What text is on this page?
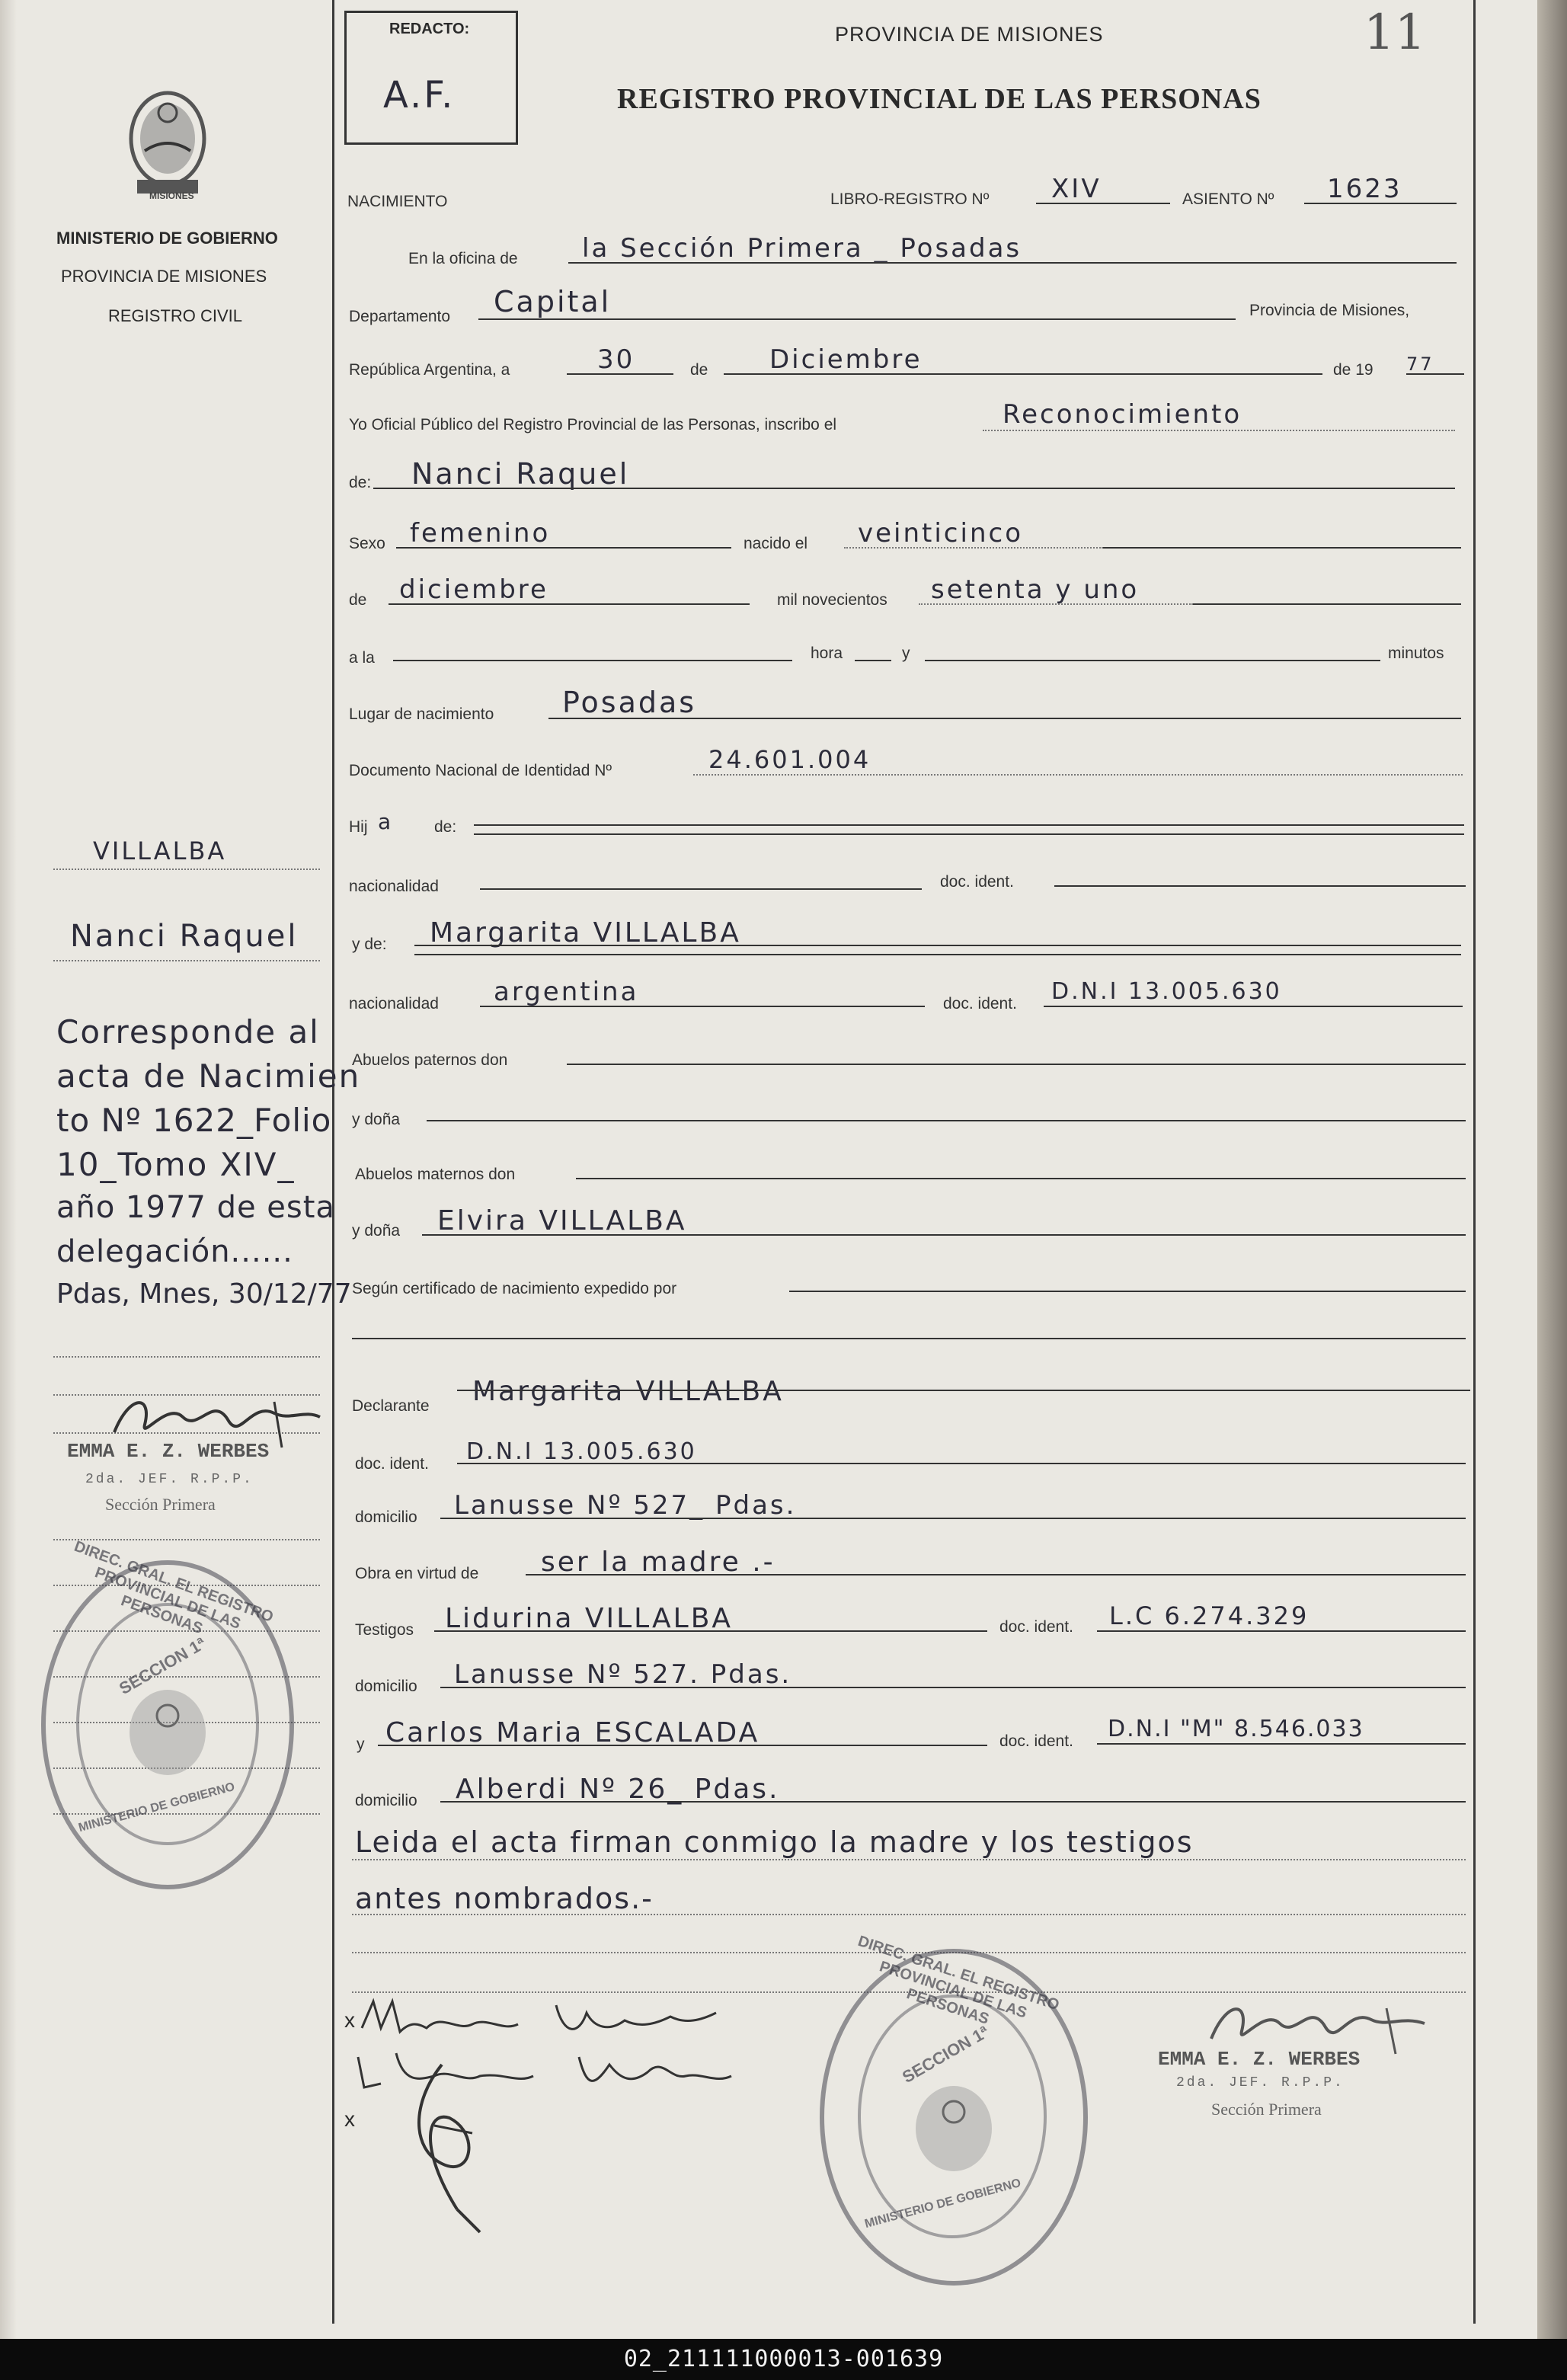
11
REDACTO:
A.F.
PROVINCIA DE MISIONES
REGISTRO PROVINCIAL DE LAS PERSONAS
MISIONES
MINISTERIO DE GOBIERNO
PROVINCIA DE MISIONES
REGISTRO CIVIL
VILLALBA
Nanci Raquel
Corresponde al
acta de Nacimien
to Nº 1622_Folio
10_Tomo XIV_
año 1977 de esta
delegación......
Pdas, Mnes, 30/12/77
EMMA E. Z. WERBES
2da. JEF. R.P.P.
Sección Primera
DIREC. GRAL. EL REGISTRO PROVINCIAL DE LAS PERSONAS
SECCION 1ª
MINISTERIO DE GOBIERNO
NACIMIENTO	LIBRO-REGISTRO Nº XIV	ASIENTO Nº 1623
En la oficina de la Sección Primera _ Posadas
Departamento Capital	Provincia de Misiones,
República Argentina, a	30	de Diciembre	de 19 77
Yo Oficial Público del Registro Provincial de las Personas, inscribo el	Reconocimiento
de: Nanci Raquel
Sexo femenino	nacido el veinticinco
de diciembre	mil novecientos setenta y uno
a la	hora	y	minutos
Lugar de nacimiento Posadas
Documento Nacional de Identidad Nº	24.601.004
Hij a	de:
nacionalidad	doc. ident.
y de: Margarita VILLALBA
nacionalidad argentina	doc. ident. D.N.I 13.005.630
Abuelos paternos don
y doña
Abuelos maternos don
y doña Elvira VILLALBA
Según certificado de nacimiento expedido por
Declarante Margarita VILLALBA
doc. ident. D.N.I 13.005.630
domicilio Lanusse Nº 527_ Pdas.
Obra en virtud de ser la madre .-
Testigos Lidurina VILLALBA	doc. ident. L.C 6.274.329
domicilio Lanusse Nº 527. Pdas.
y Carlos Maria ESCALADA	doc. ident. D.N.I "M" 8.546.033
domicilio Alberdi Nº 26_ Pdas.
Leida el acta firman conmigo la madre y los testigos
antes nombrados.-
x
x
DIREC. GRAL. EL REGISTRO PROVINCIAL DE LAS PERSONAS
SECCION 1ª
MINISTERIO DE GOBIERNO
EMMA E. Z. WERBES
2da. JEF. R.P.P.
Sección Primera
02_211111000013-001639
